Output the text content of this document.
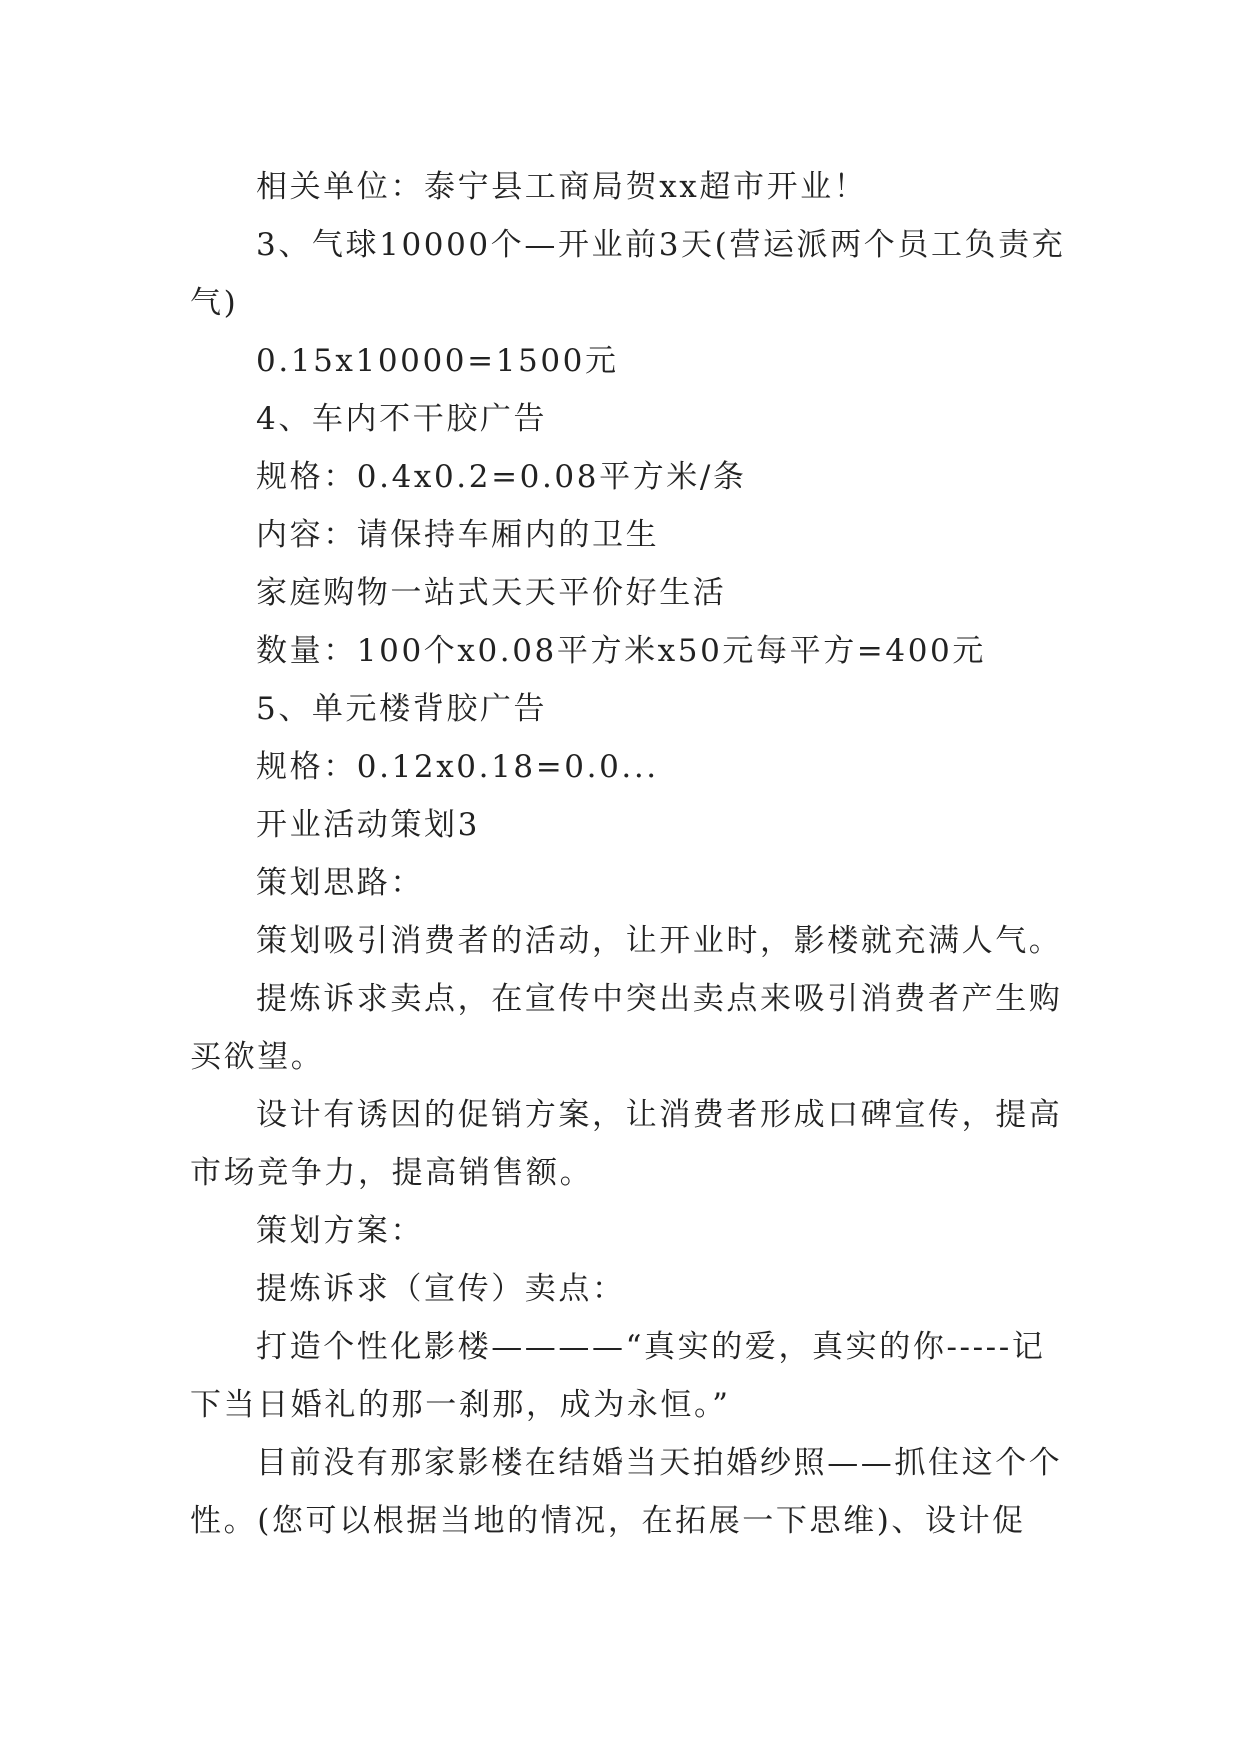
相关单位：泰宁县工商局贺xx超市开业！

3、气球10000个—开业前3天(营运派两个员工负责充气)

0.15x10000=1500元

4、车内不干胶广告

规格：0.4x0.2=0.08平方米/条

内容：请保持车厢内的卫生

家庭购物一站式天天平价好生活

数量：100个x0.08平方米x50元每平方=400元

5、单元楼背胶广告

规格：0.12x0.18=0.0...

开业活动策划3

策划思路：

策划吸引消费者的活动，让开业时，影楼就充满人气。

提炼诉求卖点，在宣传中突出卖点来吸引消费者产生购买欲望。

设计有诱因的促销方案，让消费者形成口碑宣传，提高市场竞争力，提高销售额。

策划方案：

提炼诉求（宣传）卖点：

打造个性化影楼————“真实的爱，真实的你-----记下当日婚礼的那一刹那，成为永恒。”

目前没有那家影楼在结婚当天拍婚纱照——抓住这个个性。(您可以根据当地的情况，在拓展一下思维)、设计促
